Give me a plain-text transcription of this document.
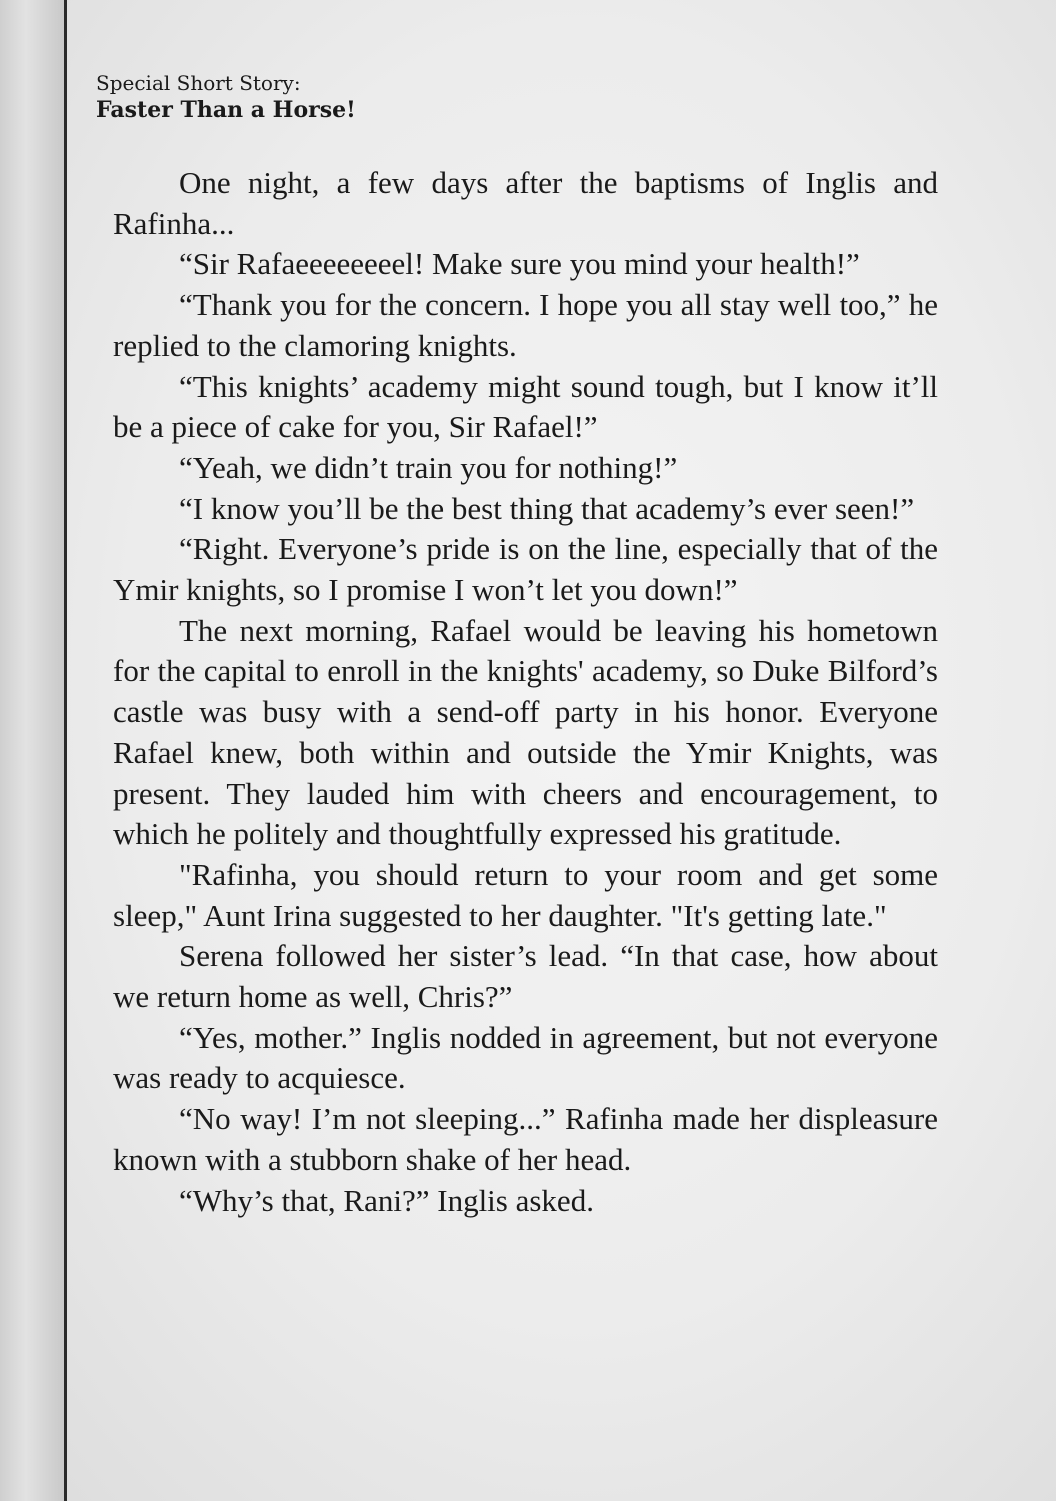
Special Short Story:
Faster Than a Horse!

One night, a few days after the baptisms of Inglis and Rafinha...

“Sir Rafaeeeeeeeel! Make sure you mind your health!”

“Thank you for the concern. I hope you all stay well too,” he replied to the clamoring knights.

“This knights’ academy might sound tough, but I know it’ll be a piece of cake for you, Sir Rafael!”

“Yeah, we didn’t train you for nothing!”

“I know you’ll be the best thing that academy’s ever seen!”

“Right. Everyone’s pride is on the line, especially that of the Ymir knights, so I promise I won’t let you down!”

The next morning, Rafael would be leaving his hometown for the capital to enroll in the knights' academy, so Duke Bilford’s castle was busy with a send-off party in his honor. Everyone Rafael knew, both within and outside the Ymir Knights, was present. They lauded him with cheers and encouragement, to which he politely and thoughtfully expressed his gratitude.

"Rafinha, you should return to your room and get some sleep," Aunt Irina suggested to her daughter. "It's getting late."

Serena followed her sister’s lead. “In that case, how about we return home as well, Chris?”

“Yes, mother.” Inglis nodded in agreement, but not everyone was ready to acquiesce.

“No way! I’m not sleeping...” Rafinha made her displeasure known with a stubborn shake of her head.

“Why’s that, Rani?” Inglis asked.
